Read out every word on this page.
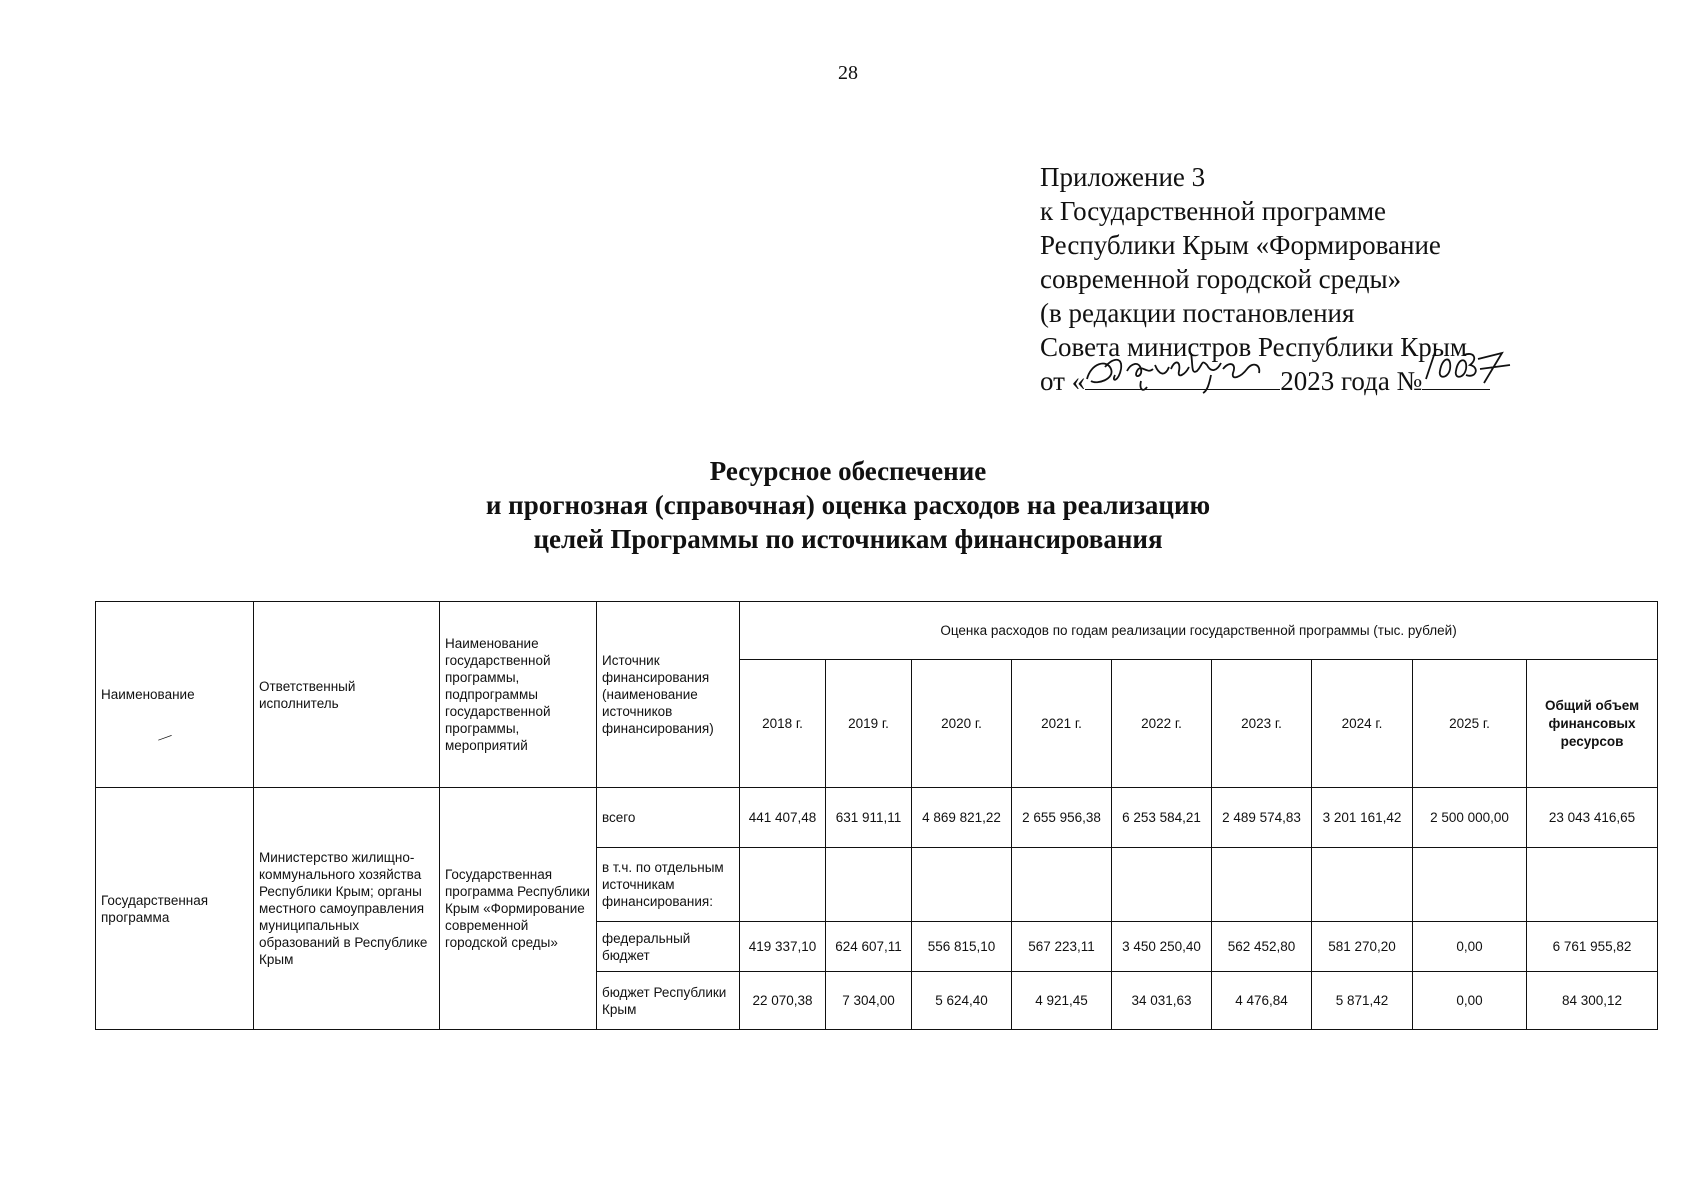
28
Приложение 3
к Государственной программе
Республики Крым «Формирование
современной городской среды»
(в редакции постановления
Совета министров Республики Крым
от «	2023 года №
Ресурсное обеспечение
и прогнозная (справочная) оценка расходов на реализацию
целей Программы по источникам финансирования
Наименование	Ответственный исполнитель	Наименование государственной программы, подпрограммы государственной программы, мероприятий	Источник финансирования (наименование источников финансирования)	Оценка расходов по годам реализации государственной программы (тыс. рублей)								
				2018 г.	2019 г.	2020 г.	2021 г.	2022 г.	2023 г.	2024 г.	2025 г.	Общий объем финансовых ресурсов
Государственная программа	Министерство жилищно-коммунального хозяйства Республики Крым; органы местного самоуправления муниципальных образований в Республике Крым	Государственная программа Республики Крым «Формирование современной городской среды»	всего	441 407,48	631 911,11	4 869 821,22	2 655 956,38	6 253 584,21	2 489 574,83	3 201 161,42	2 500 000,00	23 043 416,65
			в т.ч. по отдельным источникам финансирования:									
			федеральный бюджет	419 337,10	624 607,11	556 815,10	567 223,11	3 450 250,40	562 452,80	581 270,20	0,00	6 761 955,82
			бюджет Республики Крым	22 070,38	7 304,00	5 624,40	4 921,45	34 031,63	4 476,84	5 871,42	0,00	84 300,12
—
